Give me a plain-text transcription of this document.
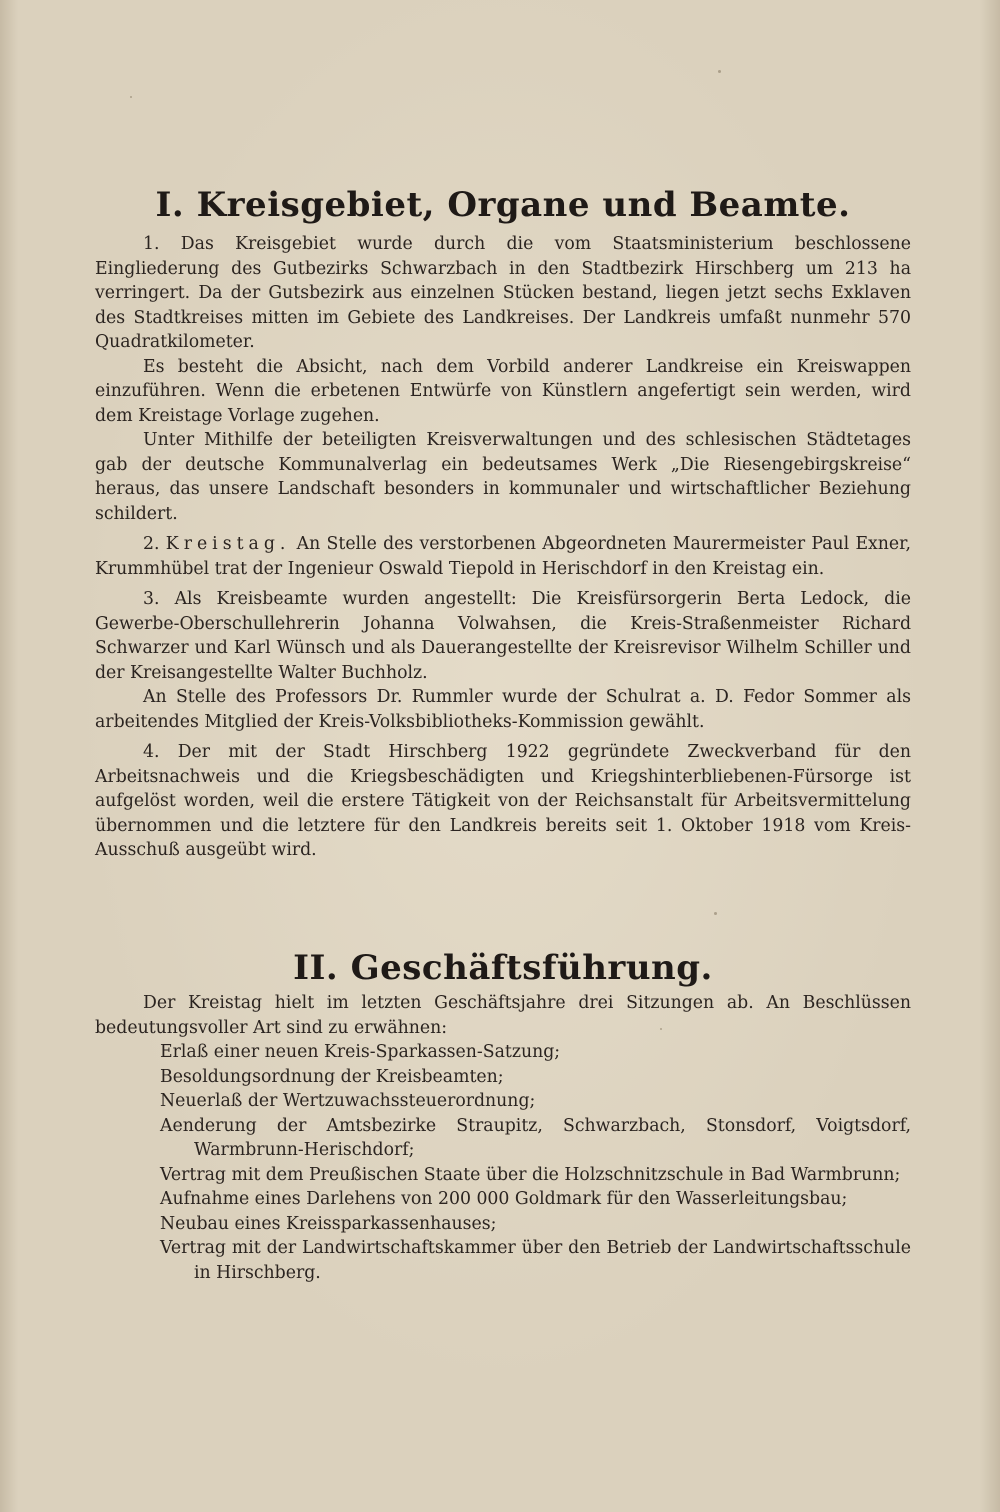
I. Kreisgebiet, Organe und Beamte.

1. Das Kreisgebiet wurde durch die vom Staatsministerium beschlossene Eingliederung des Gutbezirks Schwarzbach in den Stadtbezirk Hirschberg um 213 ha verringert. Da der Gutsbezirk aus einzelnen Stücken bestand, liegen jetzt sechs Exklaven des Stadtkreises mitten im Gebiete des Landkreises. Der Landkreis umfaßt nunmehr 570 Quadratkilometer.

Es besteht die Absicht, nach dem Vorbild anderer Landkreise ein Kreiswappen einzuführen. Wenn die erbetenen Entwürfe von Künstlern angefertigt sein werden, wird dem Kreistage Vorlage zugehen.

Unter Mithilfe der beteiligten Kreisverwaltungen und des schlesischen Städtetages gab der deutsche Kommunalverlag ein bedeutsames Werk „Die Riesengebirgskreise“ heraus, das unsere Landschaft besonders in kommunaler und wirtschaftlicher Beziehung schildert.

2. Kreistag. An Stelle des verstorbenen Abgeordneten Maurermeister Paul Exner, Krummhübel trat der Ingenieur Oswald Tiepold in Herischdorf in den Kreistag ein.

3. Als Kreisbeamte wurden angestellt: Die Kreisfürsorgerin Berta Ledock, die Gewerbe-Oberschullehrerin Johanna Volwahsen, die Kreis-Straßenmeister Richard Schwarzer und Karl Wünsch und als Dauerangestellte der Kreisrevisor Wilhelm Schiller und der Kreisangestellte Walter Buchholz.

An Stelle des Professors Dr. Rummler wurde der Schulrat a. D. Fedor Sommer als arbeitendes Mitglied der Kreis-Volksbibliotheks-Kommission gewählt.

4. Der mit der Stadt Hirschberg 1922 gegründete Zweckverband für den Arbeitsnachweis und die Kriegsbeschädigten und Kriegshinterbliebenen-Fürsorge ist aufgelöst worden, weil die erstere Tätigkeit von der Reichsanstalt für Arbeitsvermittelung übernommen und die letztere für den Landkreis bereits seit 1. Oktober 1918 vom Kreis-Ausschuß ausgeübt wird.

II. Geschäftsführung.

Der Kreistag hielt im letzten Geschäftsjahre drei Sitzungen ab. An Beschlüssen bedeutungsvoller Art sind zu erwähnen:

Erlaß einer neuen Kreis-Sparkassen-Satzung;
Besoldungsordnung der Kreisbeamten;
Neuerlaß der Wertzuwachssteuerordnung;
Aenderung der Amtsbezirke Straupitz, Schwarzbach, Stonsdorf, Voigtsdorf, Warmbrunn-Herischdorf;
Vertrag mit dem Preußischen Staate über die Holzschnitzschule in Bad Warmbrunn;
Aufnahme eines Darlehens von 200 000 Goldmark für den Wasserleitungsbau;
Neubau eines Kreissparkassenhauses;
Vertrag mit der Landwirtschaftskammer über den Betrieb der Landwirtschaftsschule in Hirschberg.
